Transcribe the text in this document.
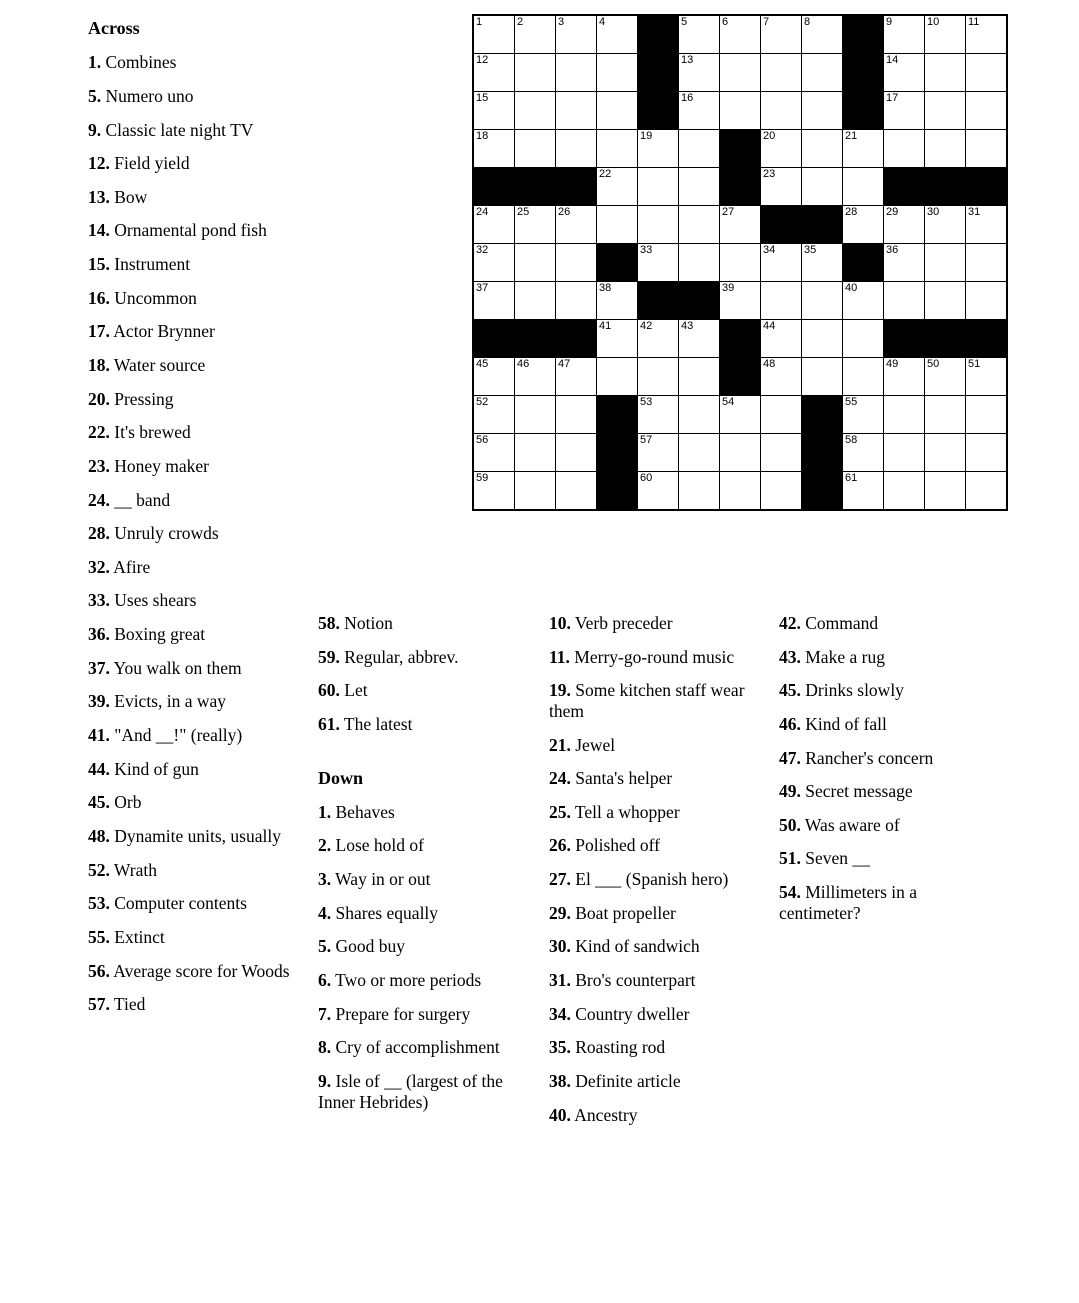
1	2	3	4		5	6	7	8		9	10	11

12					13					14		

15					16					17		

18				19			20		21			

			22				23					

24	25	26				27			28	29	30	31

32				33			34	35		36		

37			38			39			40			

			41	42	43		44					

45	46	47					48			49	50	51

52				53		54			55			

56				57					58			

59				60					61			

Across
1. Combines
5. Numero uno
9. Classic late night TV
12. Field yield
13. Bow
14. Ornamental pond fish
15. Instrument
16. Uncommon
17. Actor Brynner
18. Water source
20. Pressing
22. It's brewed
23. Honey maker
24. __ band
28. Unruly crowds
32. Afire
33. Uses shears
36. Boxing great
37. You walk on them
39. Evicts, in a way
41. "And __!" (really)
44. Kind of gun
45. Orb
48. Dynamite units, usually
52. Wrath
53. Computer contents
55. Extinct
56. Average score for Woods
57. Tied
58. Notion
59. Regular, abbrev.
60. Let
61. The latest
Down
1. Behaves
2. Lose hold of
3. Way in or out
4. Shares equally
5. Good buy
6. Two or more periods
7. Prepare for surgery
8. Cry of accomplishment
9. Isle of __ (largest of the Inner Hebrides)
10. Verb preceder
11. Merry-go-round music
19. Some kitchen staff wear them
21. Jewel
24. Santa's helper
25. Tell a whopper
26. Polished off
27. El ___ (Spanish hero)
29. Boat propeller
30. Kind of sandwich
31. Bro's counterpart
34. Country dweller
35. Roasting rod
38. Definite article
40. Ancestry
42. Command
43. Make a rug
45. Drinks slowly
46. Kind of fall
47. Rancher's concern
49. Secret message
50. Was aware of
51. Seven __
54. Millimeters in a centimeter?
